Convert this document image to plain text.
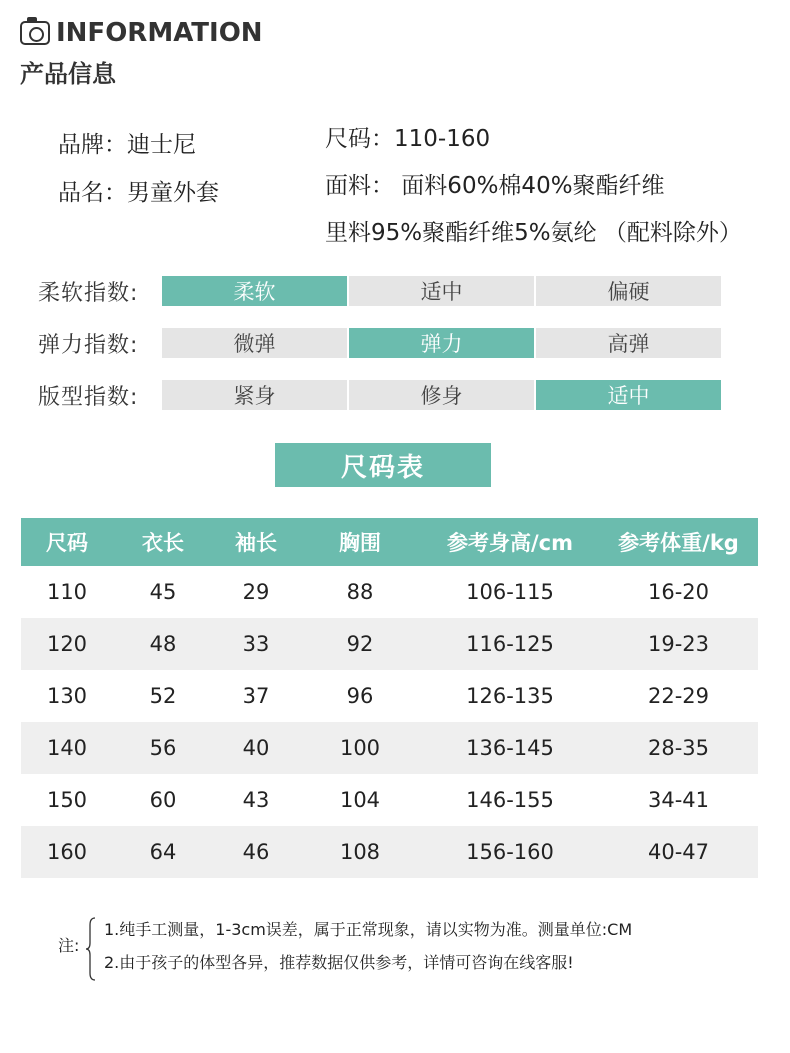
INFORMATION
产品信息
品牌：迪士尼
品名：男童外套
尺码：110-160
面料： 面料60%棉40%聚酯纤维
里料95%聚酯纤维5%氨纶 （配料除外）
柔软指数:	柔软	适中	偏硬
弹力指数:	微弹	弹力	高弹
版型指数:	紧身	修身	适中
尺码表
尺码	衣长	袖长	胸围	参考身高/cm	参考体重/kg
110	45	29	88	106-115	16-20
120	48	33	92	116-125	19-23
130	52	37	96	126-135	22-29
140	56	40	100	136-145	28-35
150	60	43	104	146-155	34-41
160	64	46	108	156-160	40-47
注:
1.纯手工测量，1-3cm误差，属于正常现象，请以实物为准。测量单位:CM
2.由于孩子的体型各异，推荐数据仅供参考，详情可咨询在线客服!
